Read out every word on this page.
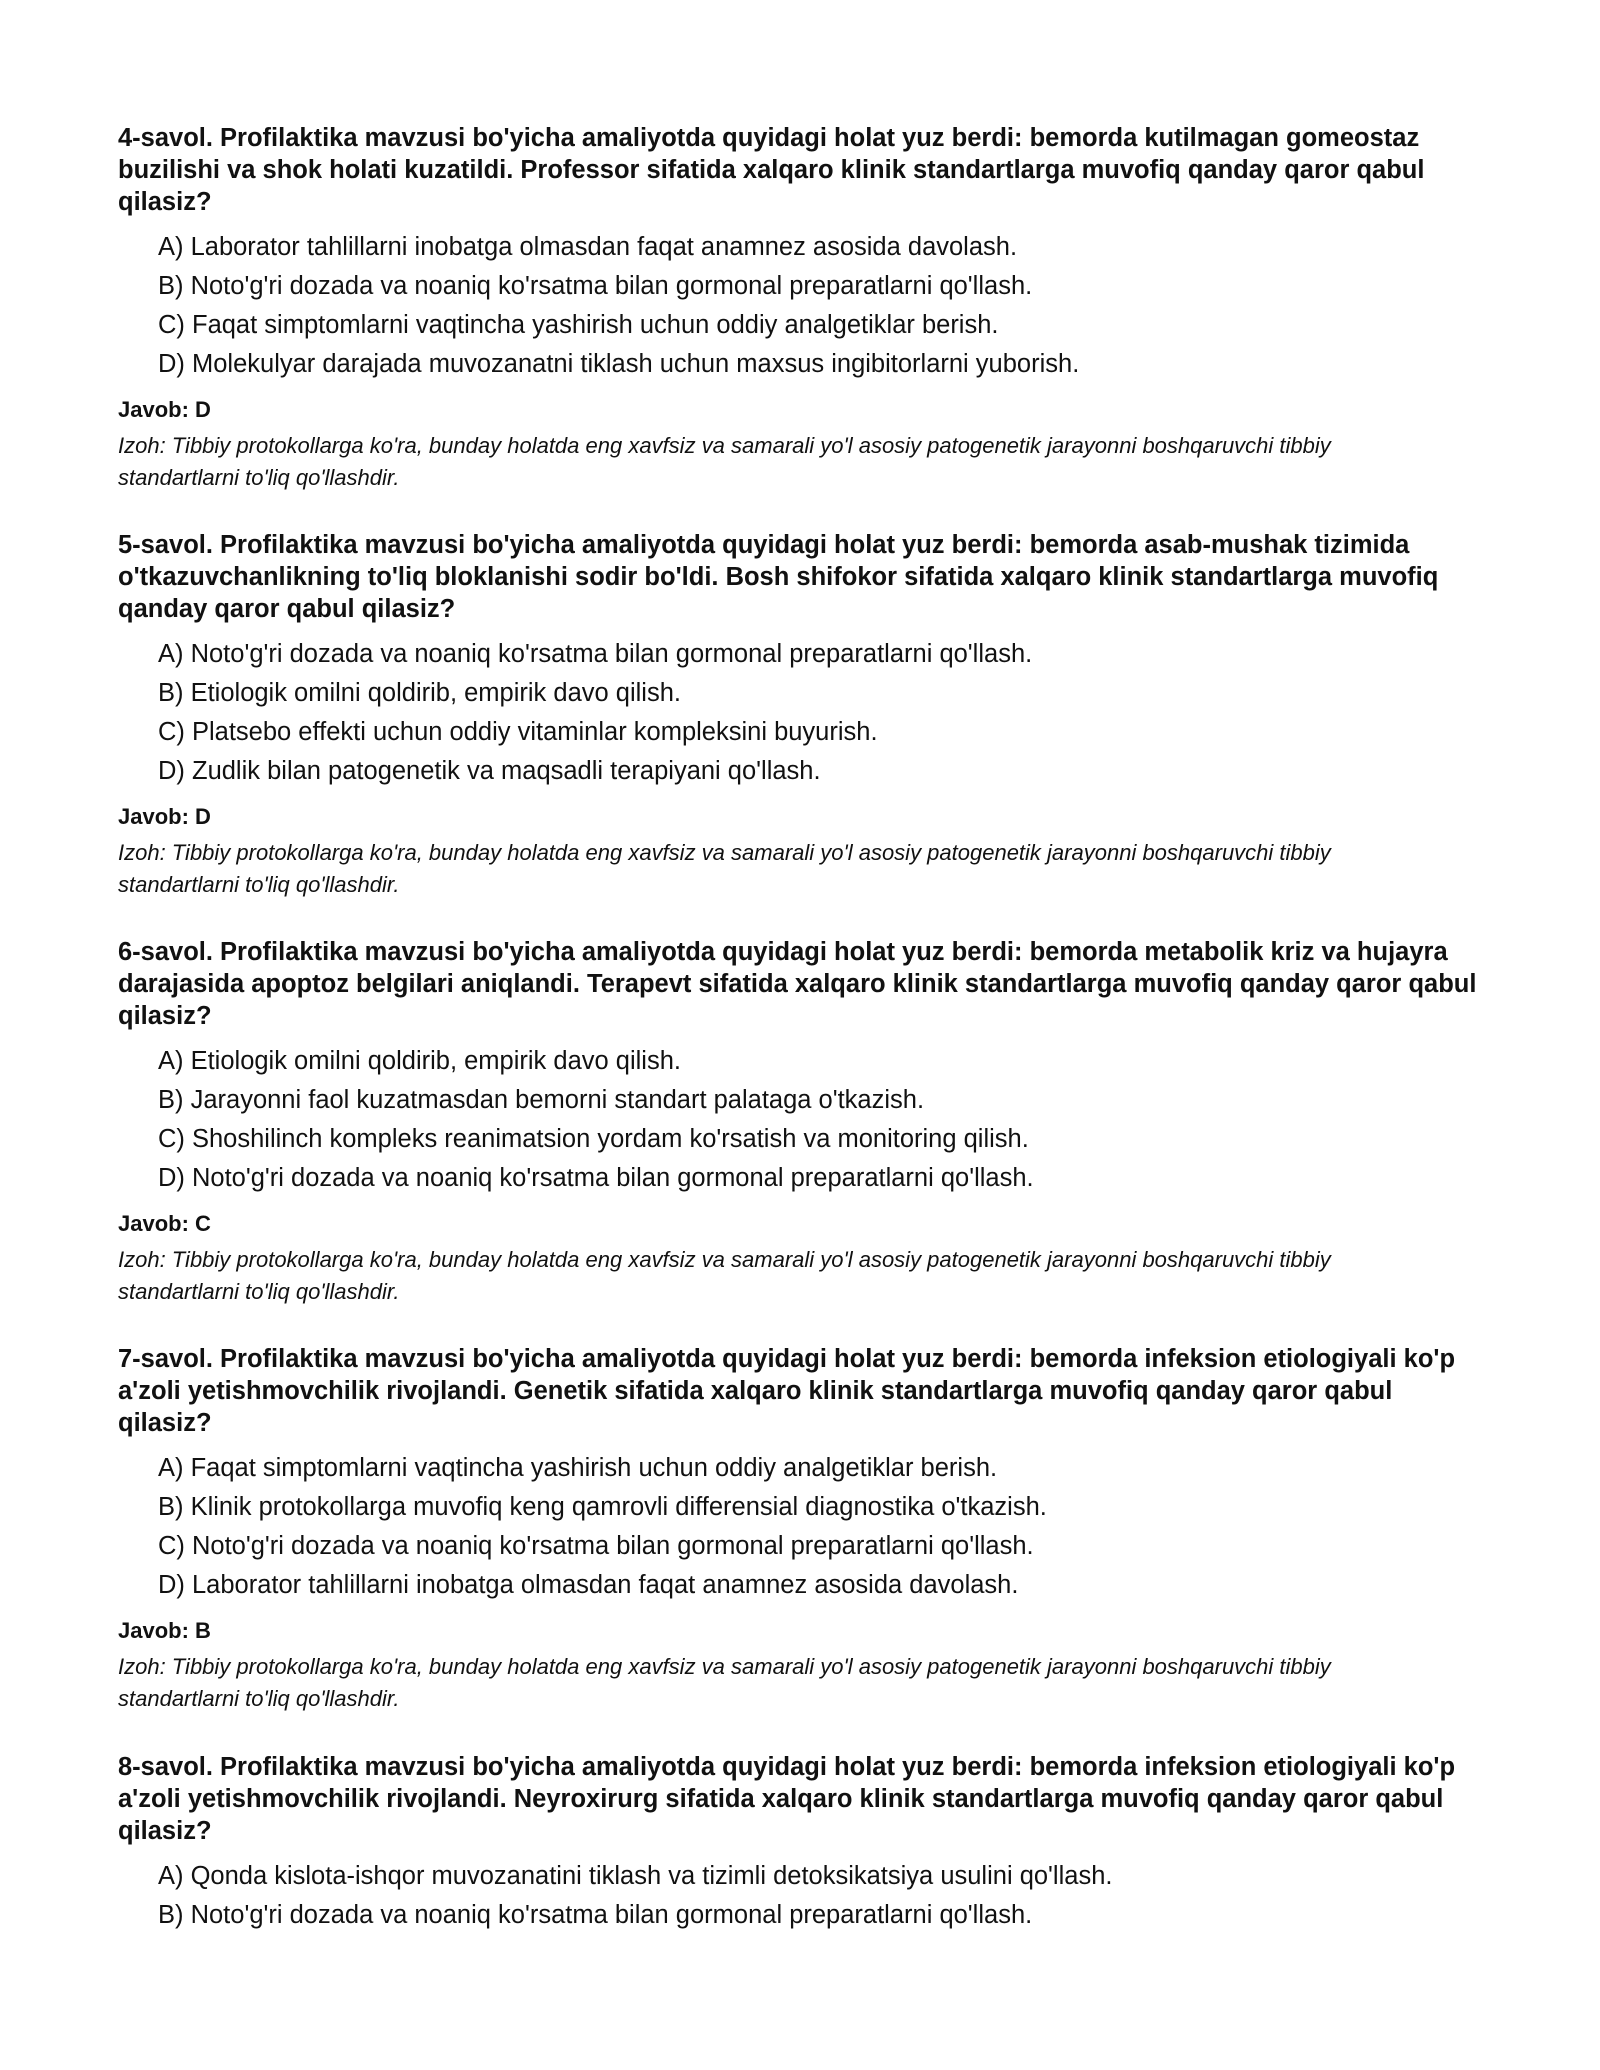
4-savol. Profilaktika mavzusi bo'yicha amaliyotda quyidagi holat yuz berdi: bemorda kutilmagan gomeostaz buzilishi va shok holati kuzatildi. Professor sifatida xalqaro klinik standartlarga muvofiq qanday qaror qabul qilasiz?
A) Laborator tahlillarni inobatga olmasdan faqat anamnez asosida davolash.
B) Noto'g'ri dozada va noaniq ko'rsatma bilan gormonal preparatlarni qo'llash.
C) Faqat simptomlarni vaqtincha yashirish uchun oddiy analgetiklar berish.
D) Molekulyar darajada muvozanatni tiklash uchun maxsus ingibitorlarni yuborish.
Javob: D
Izoh: Tibbiy protokollarga ko'ra, bunday holatda eng xavfsiz va samarali yo'l asosiy patogenetik jarayonni boshqaruvchi tibbiy standartlarni to'liq qo'llashdir.
5-savol. Profilaktika mavzusi bo'yicha amaliyotda quyidagi holat yuz berdi: bemorda asab-mushak tizimida o'tkazuvchanlikning to'liq bloklanishi sodir bo'ldi. Bosh shifokor sifatida xalqaro klinik standartlarga muvofiq qanday qaror qabul qilasiz?
A) Noto'g'ri dozada va noaniq ko'rsatma bilan gormonal preparatlarni qo'llash.
B) Etiologik omilni qoldirib, empirik davo qilish.
C) Platsebo effekti uchun oddiy vitaminlar kompleksini buyurish.
D) Zudlik bilan patogenetik va maqsadli terapiyani qo'llash.
Javob: D
Izoh: Tibbiy protokollarga ko'ra, bunday holatda eng xavfsiz va samarali yo'l asosiy patogenetik jarayonni boshqaruvchi tibbiy standartlarni to'liq qo'llashdir.
6-savol. Profilaktika mavzusi bo'yicha amaliyotda quyidagi holat yuz berdi: bemorda metabolik kriz va hujayra darajasida apoptoz belgilari aniqlandi. Terapevt sifatida xalqaro klinik standartlarga muvofiq qanday qaror qabul qilasiz?
A) Etiologik omilni qoldirib, empirik davo qilish.
B) Jarayonni faol kuzatmasdan bemorni standart palataga o'tkazish.
C) Shoshilinch kompleks reanimatsion yordam ko'rsatish va monitoring qilish.
D) Noto'g'ri dozada va noaniq ko'rsatma bilan gormonal preparatlarni qo'llash.
Javob: C
Izoh: Tibbiy protokollarga ko'ra, bunday holatda eng xavfsiz va samarali yo'l asosiy patogenetik jarayonni boshqaruvchi tibbiy standartlarni to'liq qo'llashdir.
7-savol. Profilaktika mavzusi bo'yicha amaliyotda quyidagi holat yuz berdi: bemorda infeksion etiologiyali ko'p a'zoli yetishmovchilik rivojlandi. Genetik sifatida xalqaro klinik standartlarga muvofiq qanday qaror qabul qilasiz?
A) Faqat simptomlarni vaqtincha yashirish uchun oddiy analgetiklar berish.
B) Klinik protokollarga muvofiq keng qamrovli differensial diagnostika o'tkazish.
C) Noto'g'ri dozada va noaniq ko'rsatma bilan gormonal preparatlarni qo'llash.
D) Laborator tahlillarni inobatga olmasdan faqat anamnez asosida davolash.
Javob: B
Izoh: Tibbiy protokollarga ko'ra, bunday holatda eng xavfsiz va samarali yo'l asosiy patogenetik jarayonni boshqaruvchi tibbiy standartlarni to'liq qo'llashdir.
8-savol. Profilaktika mavzusi bo'yicha amaliyotda quyidagi holat yuz berdi: bemorda infeksion etiologiyali ko'p a'zoli yetishmovchilik rivojlandi. Neyroxirurg sifatida xalqaro klinik standartlarga muvofiq qanday qaror qabul qilasiz?
A) Qonda kislota-ishqor muvozanatini tiklash va tizimli detoksikatsiya usulini qo'llash.
B) Noto'g'ri dozada va noaniq ko'rsatma bilan gormonal preparatlarni qo'llash.
